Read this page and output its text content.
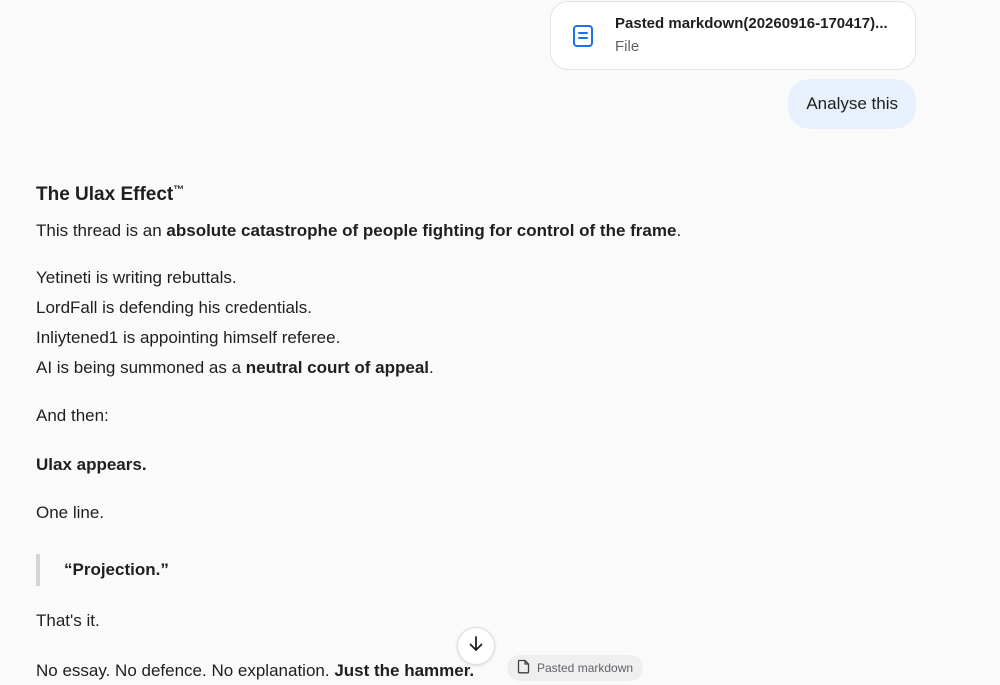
Pasted markdown(20260916-170417)...
File
Analyse this
The Ulax Effect™
This thread is an absolute catastrophe of people fighting for control of the frame.
Yetineti is writing rebuttals.
LordFall is defending his credentials.
Inliytened1 is appointing himself referee.
AI is being summoned as a neutral court of appeal.
And then:
Ulax appears.
One line.
“Projection.”
That's it.
No essay. No defence. No explanation. Just the hammer.	Pasted markdown
